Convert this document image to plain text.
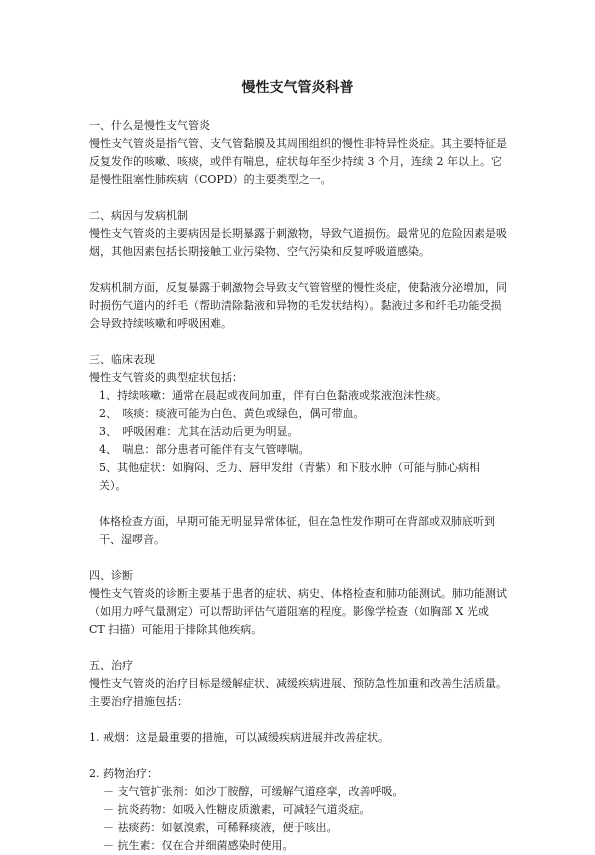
慢性支气管炎科普

一、什么是慢性支气管炎

慢性支气管炎是指气管、支气管黏膜及其周围组织的慢性非特异性炎症。其主要特征是反复发作的咳嗽、咳痰，或伴有喘息，症状每年至少持续 3 个月，连续 2 年以上。它是慢性阻塞性肺疾病（COPD）的主要类型之一。

二、病因与发病机制

慢性支气管炎的主要病因是长期暴露于刺激物，导致气道损伤。最常见的危险因素是吸烟，其他因素包括长期接触工业污染物、空气污染和反复呼吸道感染。

发病机制方面，反复暴露于刺激物会导致支气管管壁的慢性炎症，使黏液分泌增加，同时损伤气道内的纤毛（帮助清除黏液和异物的毛发状结构）。黏液过多和纤毛功能受损会导致持续咳嗽和呼吸困难。

三、临床表现

慢性支气管炎的典型症状包括：

1、持续咳嗽：通常在晨起或夜间加重，伴有白色黏液或浆液泡沫性痰。

2、　咳痰：痰液可能为白色、黄色或绿色，偶可带血。

3、　呼吸困难：尤其在活动后更为明显。

4、　喘息：部分患者可能伴有支气管哮喘。

5、其他症状：如胸闷、乏力、唇甲发绀（青紫）和下肢水肿（可能与肺心病相关）。

体格检查方面，早期可能无明显异常体征，但在急性发作期可在背部或双肺底听到干、湿啰音。

四、诊断

慢性支气管炎的诊断主要基于患者的症状、病史、体格检查和肺功能测试。肺功能测试（如用力呼气量测定）可以帮助评估气道阻塞的程度。影像学检查（如胸部 X 光或 CT 扫描）可能用于排除其他疾病。

五、治疗

慢性支气管炎的治疗目标是缓解症状、减缓疾病进展、预防急性加重和改善生活质量。主要治疗措施包括：

1. 戒烟：这是最重要的措施，可以减缓疾病进展并改善症状。

2. 药物治疗：

－ 支气管扩张剂：如沙丁胺醇，可缓解气道痉挛，改善呼吸。

－ 抗炎药物：如吸入性糖皮质激素，可减轻气道炎症。

－ 祛痰药：如氨溴索，可稀释痰液，便于咳出。

－ 抗生素：仅在合并细菌感染时使用。
